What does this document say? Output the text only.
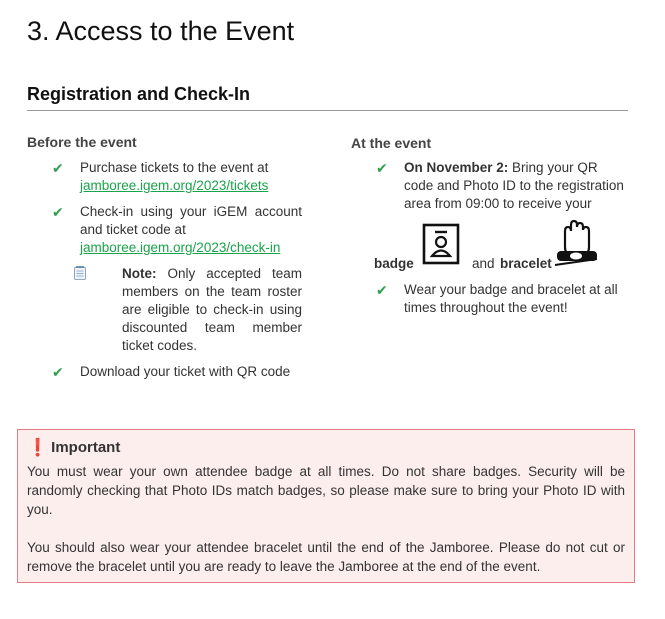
3. Access to the Event
Registration and Check-In
Before the event
✔ Purchase tickets to the event at
jamboree.igem.org/2023/tickets
✔ Check-in using your iGEM account and ticket code at
jamboree.igem.org/2023/check-in
Note: Only accepted team members on the team roster are eligible to check-in using discounted team member ticket codes.
✔ Download your ticket with QR code
At the event
✔ On November 2: Bring your QR code and Photo ID to the registration area from 09:00 to receive your
badge	and bracelet
✔ Wear your badge and bracelet at all times throughout the event!
❗ Important

You must wear your own attendee badge at all times. Do not share badges. Security will be randomly checking that Photo IDs match badges, so please make sure to bring your Photo ID with you.

You should also wear your attendee bracelet until the end of the Jamboree. Please do not cut or remove the bracelet until you are ready to leave the Jamboree at the end of the event.
